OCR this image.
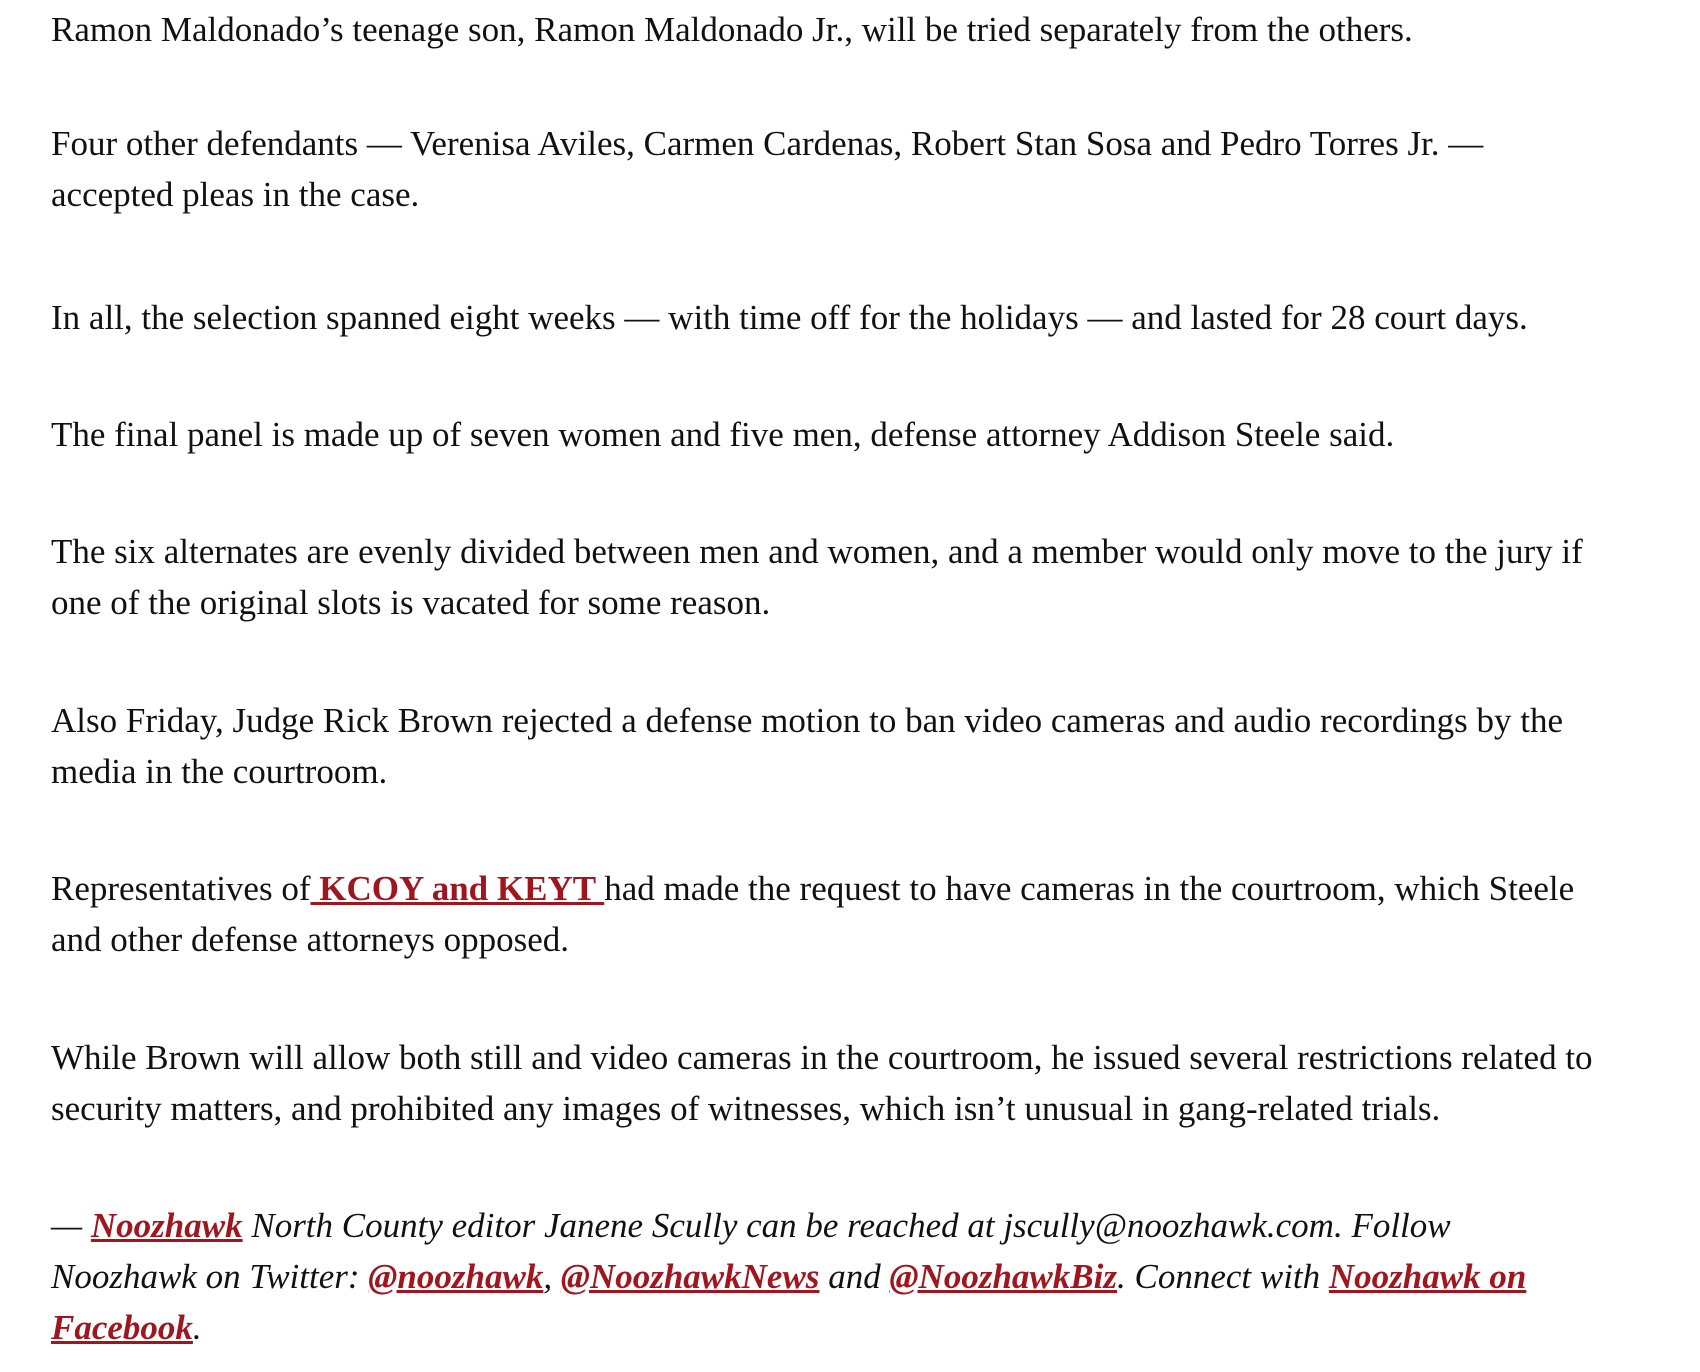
Ramon Maldonado’s teenage son, Ramon Maldonado Jr., will be tried separately from the others.

Four other defendants — Verenisa Aviles, Carmen Cardenas, Robert Stan Sosa and Pedro Torres Jr. —
accepted pleas in the case.

In all, the selection spanned eight weeks — with time off for the holidays — and lasted for 28 court days.

The final panel is made up of seven women and five men, defense attorney Addison Steele said.

The six alternates are evenly divided between men and women, and a member would only move to the jury if
one of the original slots is vacated for some reason.

Also Friday, Judge Rick Brown rejected a defense motion to ban video cameras and audio recordings by the
media in the courtroom.

Representatives of KCOY and KEYT had made the request to have cameras in the courtroom, which Steele
and other defense attorneys opposed.

While Brown will allow both still and video cameras in the courtroom, he issued several restrictions related to
security matters, and prohibited any images of witnesses, which isn’t unusual in gang-related trials.

— Noozhawk North County editor Janene Scully can be reached at jscully@noozhawk.com. Follow
Noozhawk on Twitter: @noozhawk, @NoozhawkNews and @NoozhawkBiz. Connect with Noozhawk on
Facebook.
